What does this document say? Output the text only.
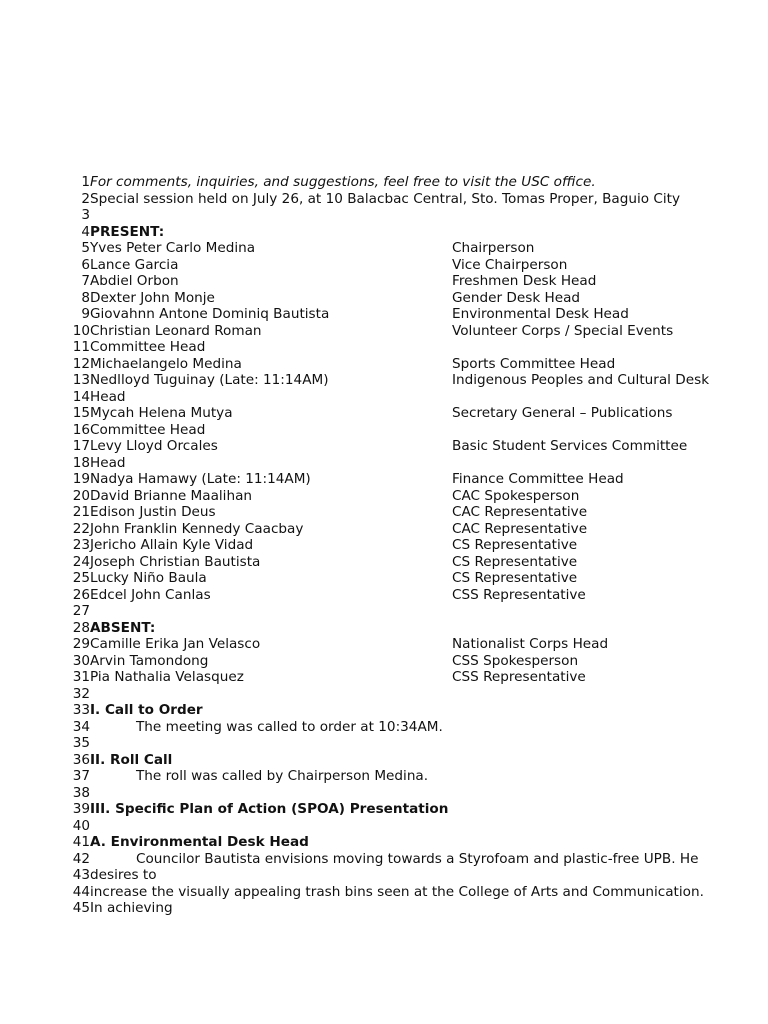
1 For comments, inquiries, and suggestions, feel free to visit the USC office.
2 Special session held on July 26, at 10 Balacbac Central, Sto. Tomas Proper, Baguio City
3
4 PRESENT:
5 Yves Peter Carlo Medina	Chairperson
6 Lance Garcia	Vice Chairperson
7 Abdiel Orbon	Freshmen Desk Head
8 Dexter John Monje	Gender Desk Head
9 Giovahnn Antone Dominiq Bautista	Environmental Desk Head
10 Christian Leonard Roman	Volunteer Corps / Special Events
11 Committee Head
12 Michaelangelo Medina	Sports Committee Head
13 Nedlloyd Tuguinay (Late: 11:14AM)	Indigenous Peoples and Cultural Desk
14 Head
15 Mycah Helena Mutya	Secretary General – Publications
16 Committee Head
17 Levy Lloyd Orcales	Basic Student Services Committee
18 Head
19 Nadya Hamawy (Late: 11:14AM)	Finance Committee Head
20 David Brianne Maalihan	CAC Spokesperson
21 Edison Justin Deus	CAC Representative
22 John Franklin Kennedy Caacbay	CAC Representative
23 Jericho Allain Kyle Vidad	CS Representative
24 Joseph Christian Bautista	CS Representative
25 Lucky Niño Baula	CS Representative
26 Edcel John Canlas	CSS Representative
27
28 ABSENT:
29 Camille Erika Jan Velasco	Nationalist Corps Head
30 Arvin Tamondong	CSS Spokesperson
31 Pia Nathalia Velasquez	CSS Representative
32
33 I. Call to Order
34	The meeting was called to order at 10:34AM.
35
36 II. Roll Call
37	The roll was called by Chairperson Medina.
38
39 III. Specific Plan of Action (SPOA) Presentation
40
41 A. Environmental Desk Head
42	Councilor Bautista envisions moving towards a Styrofoam and plastic-free UPB. He
43 desires to
44 increase the visually appealing trash bins seen at the College of Arts and Communication.
45 In achieving
